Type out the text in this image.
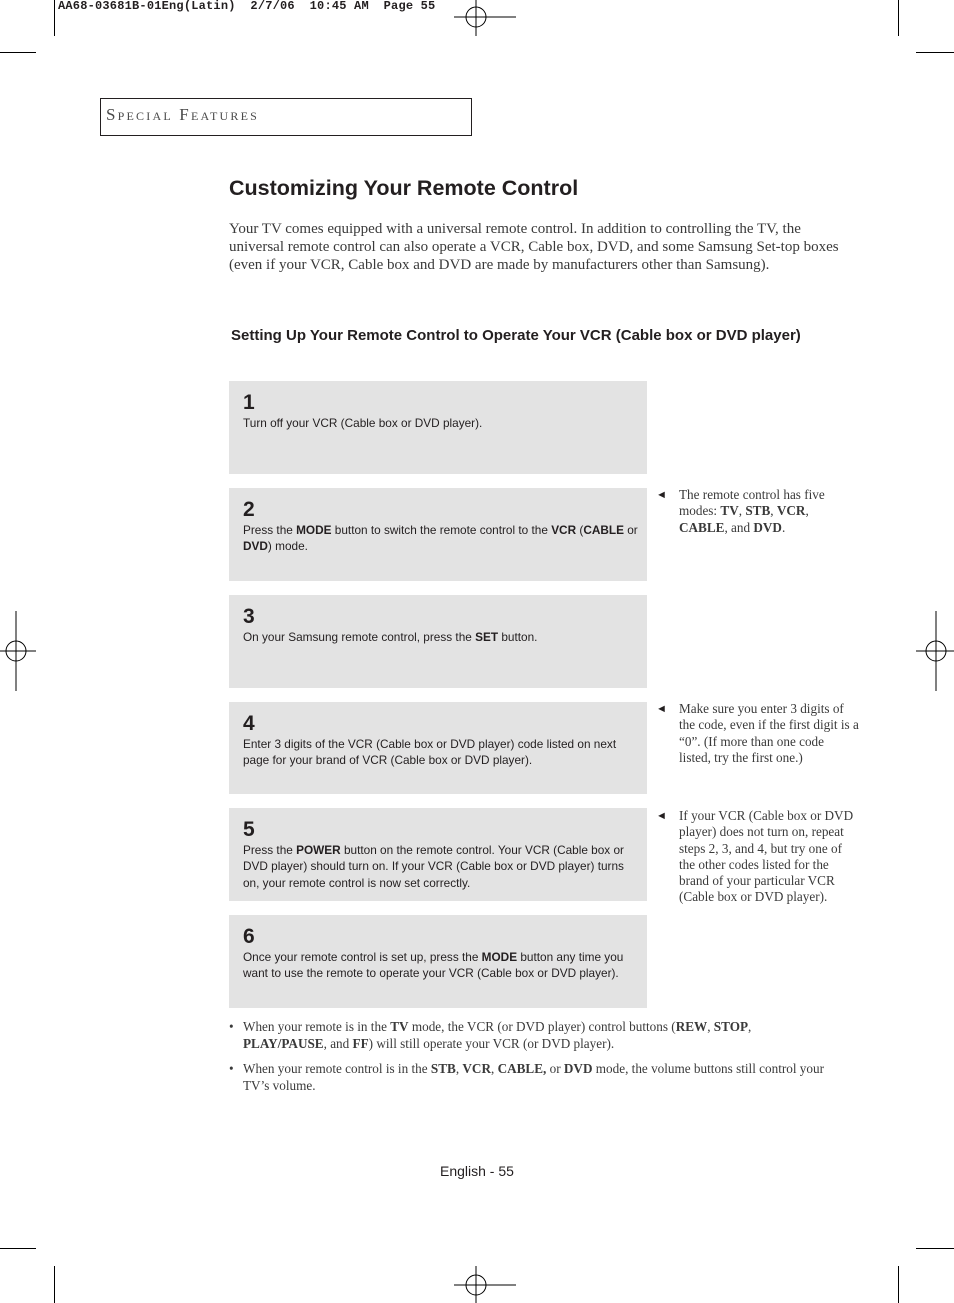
AA68-03681B-01Eng(Latin)  2/7/06  10:45 AM  Page 55
Special Features
Customizing Your Remote Control

Your TV comes equipped with a universal remote control. In addition to controlling the TV, the universal remote control can also operate a VCR, Cable box, DVD, and some Samsung Set-top boxes (even if your VCR, Cable box and DVD are made by manufacturers other than Samsung).

Setting Up Your Remote Control to Operate Your VCR (Cable box or DVD player)
1

Turn off your VCR (Cable box or DVD player).

2

Press the MODE button to switch the remote control to the VCR (CABLE or DVD) mode.

3

On your Samsung remote control, press the SET button.

4

Enter 3 digits of the VCR (Cable box or DVD player) code listed on next page for your brand of VCR (Cable box or DVD player).

5

Press the POWER button on the remote control. Your VCR (Cable box or DVD player) should turn on. If your VCR (Cable box or DVD player) turns on, your remote control is now set correctly.

6

Once your remote control is set up, press the MODE button any time you want to use the remote to operate your VCR (Cable box or DVD player).

◄ The remote control has five modes: TV, STB, VCR, CABLE, and DVD.

◄ Make sure you enter 3 digits of the code, even if the first digit is a “0”. (If more than one code listed, try the first one.)

◄ If your VCR (Cable box or DVD player) does not turn on, repeat steps 2, 3, and 4, but try one of the other codes listed for the brand of your particular VCR (Cable box or DVD player).

• When your remote is in the TV mode, the VCR (or DVD player) control buttons (REW, STOP, PLAY/PAUSE, and FF) will still operate your VCR (or DVD player).

• When your remote control is in the STB, VCR, CABLE, or DVD mode, the volume buttons still control your TV’s volume.

English - 55
